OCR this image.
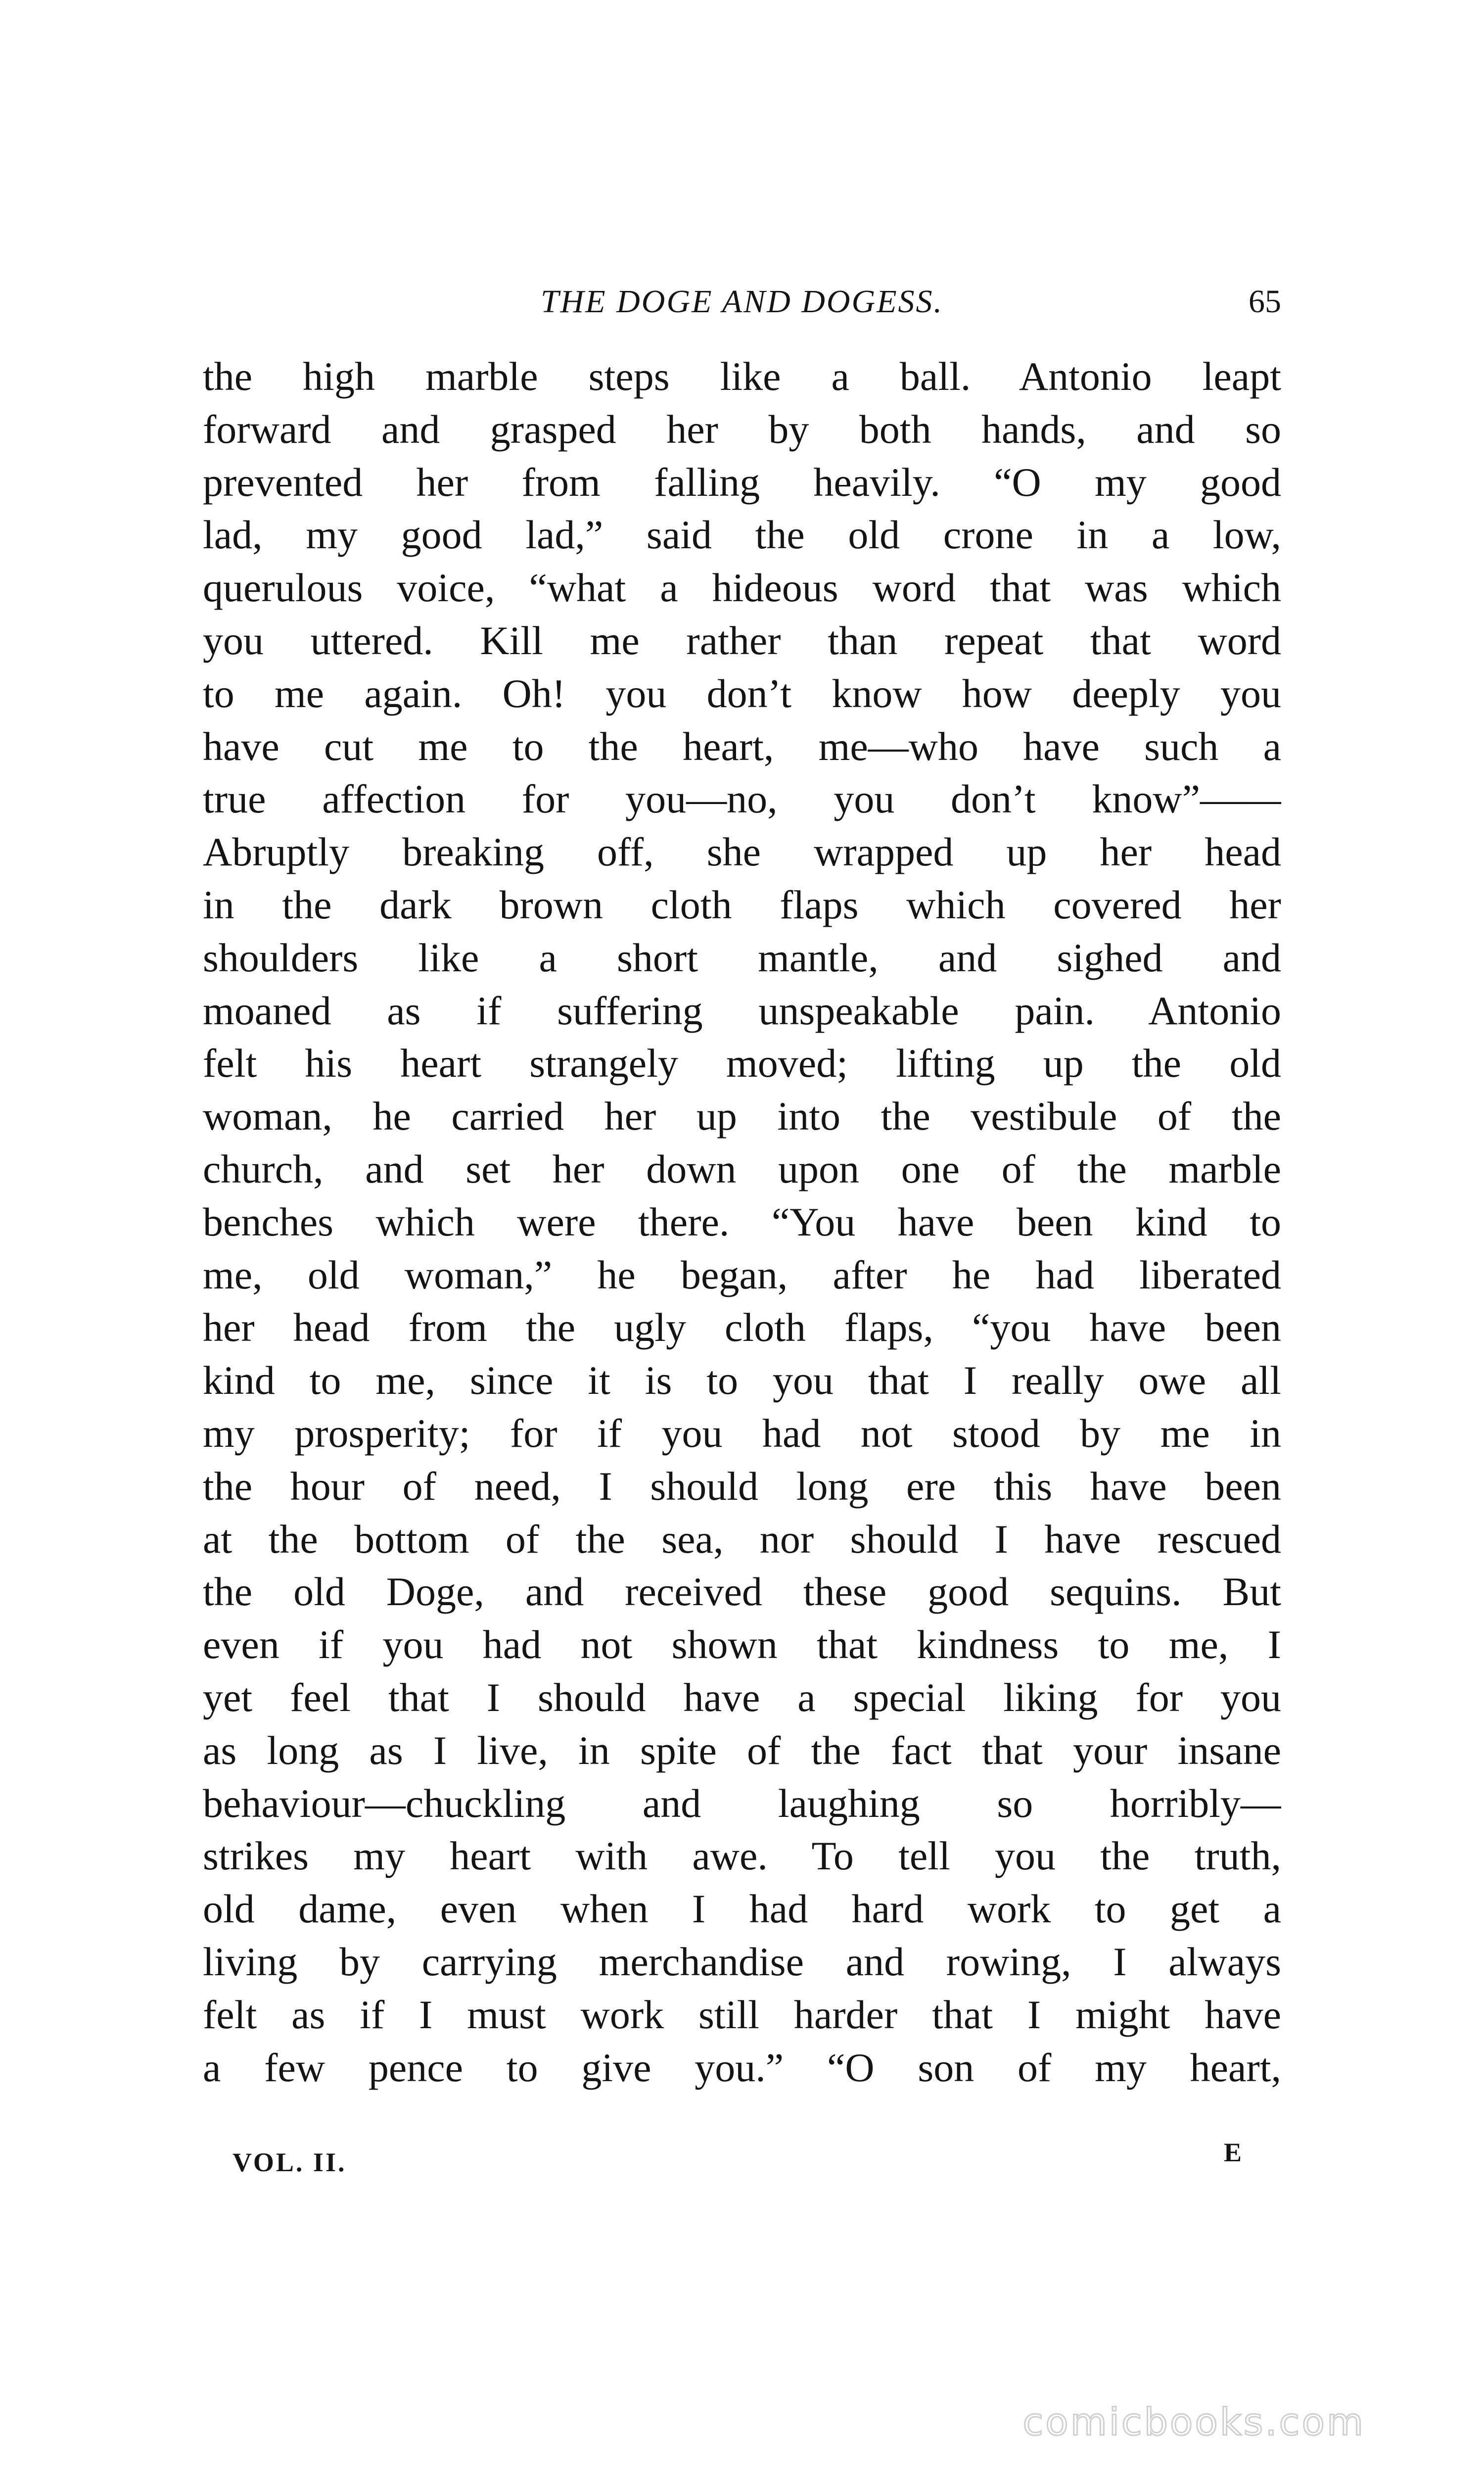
THE DOGE AND DOGESS.	65
the high marble steps like a ball. Antonio leapt
forward and grasped her by both hands, and so
prevented her from falling heavily. “O my good
lad, my good lad,” said the old crone in a low,
querulous voice, “what a hideous word that was which
you uttered. Kill me rather than repeat that word
to me again. Oh! you don’t know how deeply you
have cut me to the heart, me—who have such a
true affection for you—no, you don’t know”——
Abruptly breaking off, she wrapped up her head
in the dark brown cloth flaps which covered her
shoulders like a short mantle, and sighed and
moaned as if suffering unspeakable pain. Antonio
felt his heart strangely moved; lifting up the old
woman, he carried her up into the vestibule of the
church, and set her down upon one of the marble
benches which were there. “You have been kind to
me, old woman,” he began, after he had liberated
her head from the ugly cloth flaps, “you have been
kind to me, since it is to you that I really owe all
my prosperity; for if you had not stood by me in
the hour of need, I should long ere this have been
at the bottom of the sea, nor should I have rescued
the old Doge, and received these good sequins. But
even if you had not shown that kindness to me, I
yet feel that I should have a special liking for you
as long as I live, in spite of the fact that your insane
behaviour—chuckling and laughing so horribly—
strikes my heart with awe. To tell you the truth,
old dame, even when I had hard work to get a
living by carrying merchandise and rowing, I always
felt as if I must work still harder that I might have
a few pence to give you.” “O son of my heart,
VOL. II.	E
comicbooks.com
